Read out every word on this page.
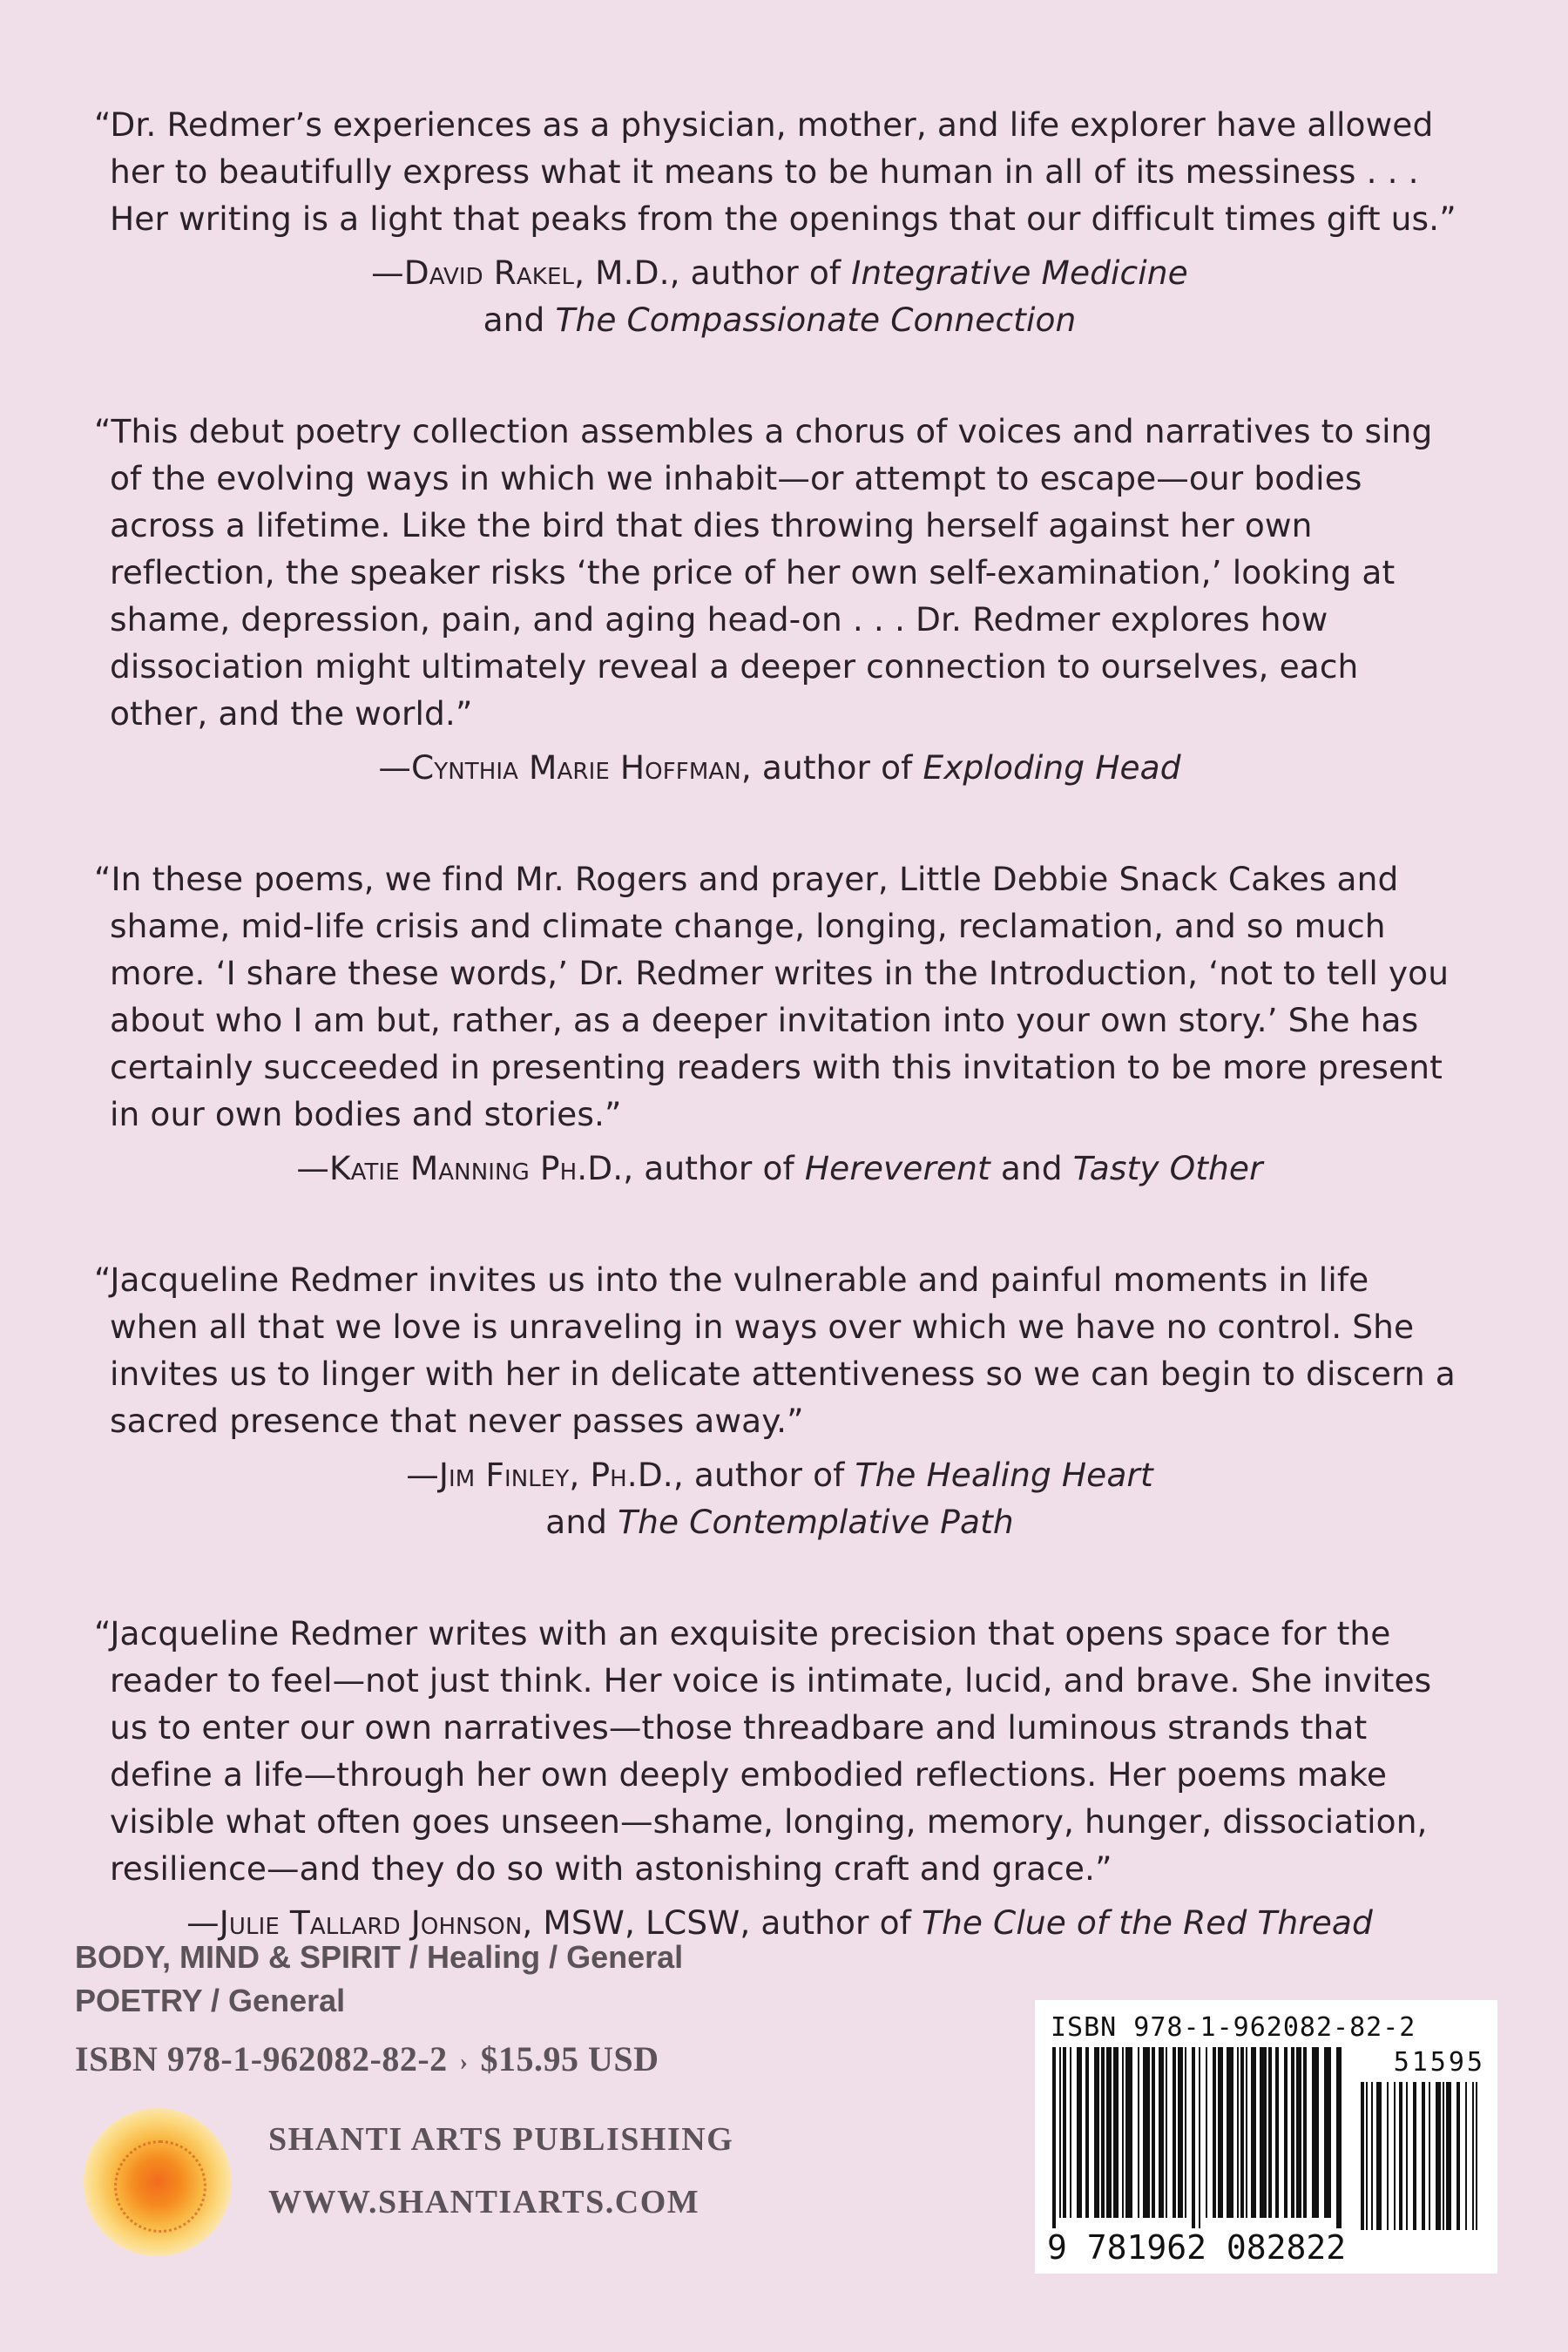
“Dr. Redmer’s experiences as a physician, mother, and life explorer have allowed her to beautifully express what it means to be human in all of its messiness . . . Her writing is a light that peaks from the openings that our difficult times gift us.”

—David Rakel, M.D., author of Integrative Medicine
and The Compassionate Connection

“This debut poetry collection assembles a chorus of voices and narratives to sing of the evolving ways in which we inhabit—or attempt to escape—our bodies across a lifetime. Like the bird that dies throwing herself against her own reflection, the speaker risks ‘the price of her own self-examination,’ looking at shame, depression, pain, and aging head-on . . . Dr. Redmer explores how dissociation might ultimately reveal a deeper connection to ourselves, each other, and the world.”

—Cynthia Marie Hoffman, author of Exploding Head

“In these poems, we find Mr. Rogers and prayer, Little Debbie Snack Cakes and shame, mid-life crisis and climate change, longing, reclamation, and so much more. ‘I share these words,’ Dr. Redmer writes in the Introduction, ‘not to tell you about who I am but, rather, as a deeper invitation into your own story.’ She has certainly succeeded in presenting readers with this invitation to be more present in our own bodies and stories.”

—Katie Manning Ph.D., author of Hereverent and Tasty Other

“Jacqueline Redmer invites us into the vulnerable and painful moments in life when all that we love is unraveling in ways over which we have no control. She invites us to linger with her in delicate attentiveness so we can begin to discern a sacred presence that never passes away.”

—Jim Finley, Ph.D., author of The Healing Heart
and The Contemplative Path

“Jacqueline Redmer writes with an exquisite precision that opens space for the reader to feel—not just think. Her voice is intimate, lucid, and brave. She invites us to enter our own narratives—those threadbare and luminous strands that define a life—through her own deeply embodied reflections. Her poems make visible what often goes unseen—shame, longing, memory, hunger, dissociation, resilience—and they do so with astonishing craft and grace.”

—Julie Tallard Johnson, MSW, LCSW, author of The Clue of the Red Thread
BODY, MIND & SPIRIT / Healing / General
POETRY / General
ISBN 978-1-962082-82-2 › $15.95 USD
SHANTI ARTS PUBLISHING
WWW.SHANTIARTS.COM
ISBN 978-1-962082-82-2
51595
9 781962 082822
